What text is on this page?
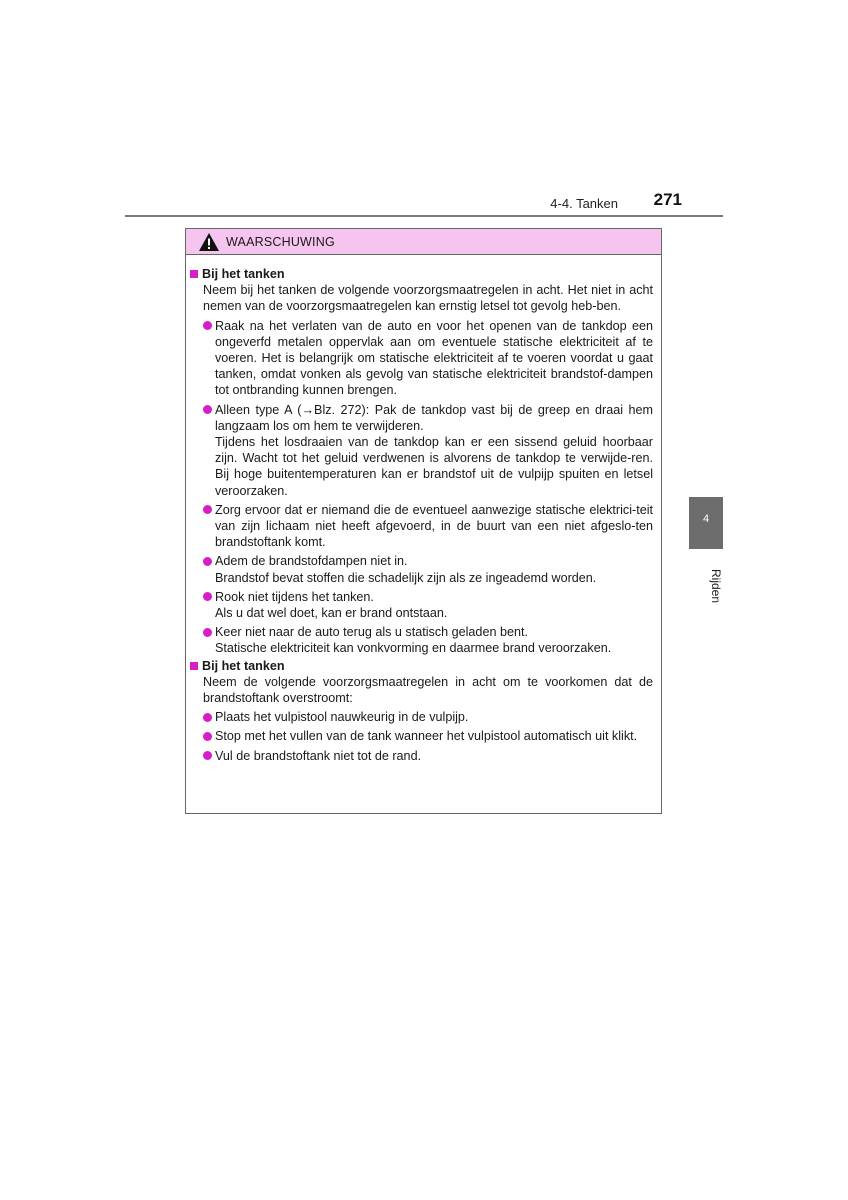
4-4. Tanken	271
4
Rijden
WAARSCHUWING
Bij het tanken
Neem bij het tanken de volgende voorzorgsmaatregelen in acht. Het niet in acht nemen van de voorzorgsmaatregelen kan ernstig letsel tot gevolg heb-ben.

Raak na het verlaten van de auto en voor het openen van de tankdop een ongeverfd metalen oppervlak aan om eventuele statische elektriciteit af te voeren. Het is belangrijk om statische elektriciteit af te voeren voordat u gaat tanken, omdat vonken als gevolg van statische elektriciteit brandstof-dampen tot ontbranding kunnen brengen.

Alleen type A (→Blz. 272): Pak de tankdop vast bij de greep en draai hem langzaam los om hem te verwijderen.

Tijdens het losdraaien van de tankdop kan er een sissend geluid hoorbaar zijn. Wacht tot het geluid verdwenen is alvorens de tankdop te verwijde-ren. Bij hoge buitentemperaturen kan er brandstof uit de vulpijp spuiten en letsel veroorzaken.

Zorg ervoor dat er niemand die de eventueel aanwezige statische elektrici-teit van zijn lichaam niet heeft afgevoerd, in de buurt van een niet afgeslo-ten brandstoftank komt.

Adem de brandstofdampen niet in.

Brandstof bevat stoffen die schadelijk zijn als ze ingeademd worden.

Rook niet tijdens het tanken.

Als u dat wel doet, kan er brand ontstaan.

Keer niet naar de auto terug als u statisch geladen bent.

Statische elektriciteit kan vonkvorming en daarmee brand veroorzaken.

Bij het tanken
Neem de volgende voorzorgsmaatregelen in acht om te voorkomen dat de brandstoftank overstroomt:

Plaats het vulpistool nauwkeurig in de vulpijp.

Stop met het vullen van de tank wanneer het vulpistool automatisch uit klikt.

Vul de brandstoftank niet tot de rand.
